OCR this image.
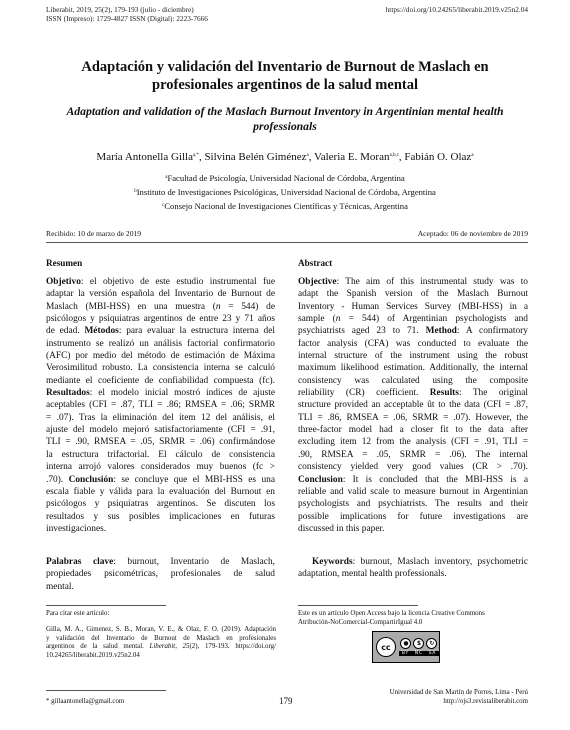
Liberabit, 2019, 25(2), 179-193 (julio - diciembre)
ISSN (Impreso): 1729-4827 ISSN (Digital): 2223-7666
https://doi.org/10.24265/liberabit.2019.v25n2.04
Adaptación y validación del Inventario de Burnout de Maslach en profesionales argentinos de la salud mental
Adaptation and validation of the Maslach Burnout Inventory in Argentinian mental health professionals
María Antonella Gilla$^{a,*}$, Silvina Belén Giménez$^a$, Valeria E. Moran$^{a,b,c}$, Fabián O. Olaz$^a$
$^a$Facultad de Psicología, Universidad Nacional de Córdoba, Argentina
$^b$Instituto de Investigaciones Psicológicas, Universidad Nacional de Córdoba, Argentina
$^c$Consejo Nacional de Investigaciones Científicas y Técnicas, Argentina
Recibido: 10 de marzo de 2019	Aceptado: 06 de noviembre de 2019
Resumen
Objetivo: el objetivo de este estudio instrumental fue
adaptar la versión española del Inventario de Burnout de
Maslach (MBI-HSS) en una muestra (n = 544) de
psicólogos y psiquiatras argentinos de entre 23 y 71 años
de edad. Métodos: para evaluar la estructura interna del
instrumento se realizó un análisis factorial confirmatorio
(AFC) por medio del método de estimación de Máxima
Verosimilitud robusto. La consistencia interna se calculó
mediante el coeficiente de confiabilidad compuesta (fc).
Resultados: el modelo inicial mostró índices de ajuste
aceptables (CFI = .87, TLI = .86; RMSEA = .06; SRMR
= .07). Tras la eliminación del ítem 12 del análisis, el
ajuste del modelo mejoró satisfactoriamente (CFI = .91,
TLI = .90, RMSEA = .05, SRMR = .06) confirmándose
la estructura trifactorial. El cálculo de consistencia
interna arrojó valores considerados muy buenos (fc >
.70). Conclusión: se concluye que el MBI-HSS es una
escala fiable y válida para la evaluación del Burnout en
psicólogos y psiquiatras argentinos. Se discuten los
resultados y sus posibles implicaciones en futuras
investigaciones.
Palabras clave: burnout, Inventario de Maslach,
propiedades psicométricas, profesionales de salud
mental.
Abstract
Objective: The aim of this instrumental study was to
adapt the Spanish version of the Maslach Burnout
Inventory - Human Services Survey (MBI-HSS) in a
sample (n = 544) of Argentinian psychologists and
psychiatrists aged 23 to 71. Method: A confirmatory
factor analysis (CFA) was conducted to evaluate the
internal structure of the instrument using the robust
maximum likelihood estimation. Additionally, the internal
consistency was calculated using the composite
reliability (CR) coefficient. Results: The original
structure provided an acceptable ût to the data (CFI = .87,
TLI = .86, RMSEA = .06, SRMR = .07). However, the
three-factor model had a closer fit to the data after
excluding item 12 from the analysis (CFI = .91, TLI =
.90, RMSEA = .05, SRMR = .06). The internal
consistency yielded very good values (CR > .70).
Conclusion: It is concluded that the MBI-HSS is a
reliable and valid scale to measure burnout in Argentinian
psychologists and psychiatrists. The results and their
possible implications for future investigations are
discussed in this paper.
Keywords: burnout, Maslach inventory, psychometric
adaptation, mental health professionals.
Para citar este artículo:
Gilla, M. A., Gimenez, S. B., Moran, V. E., & Olaz, F. O. (2019). Adaptación
y validación del Inventario de Burnout de Maslach en profesionales
argentinos de la salud mental. Liberabit, 25(2), 179-193. https://doi.org/
10.24265/liberabit.2019.v25n2.04
Este es un artículo Open Access bajo la licencia Creative Commons
Atribución-NoComercial-CompartirIgual 4.0
cc	●	$	↻
BY NC SA
* gillaantonella@gmail.com	179
Universidad de San Martín de Porres, Lima - Perú
http://ojs3.revistaliberabit.com
